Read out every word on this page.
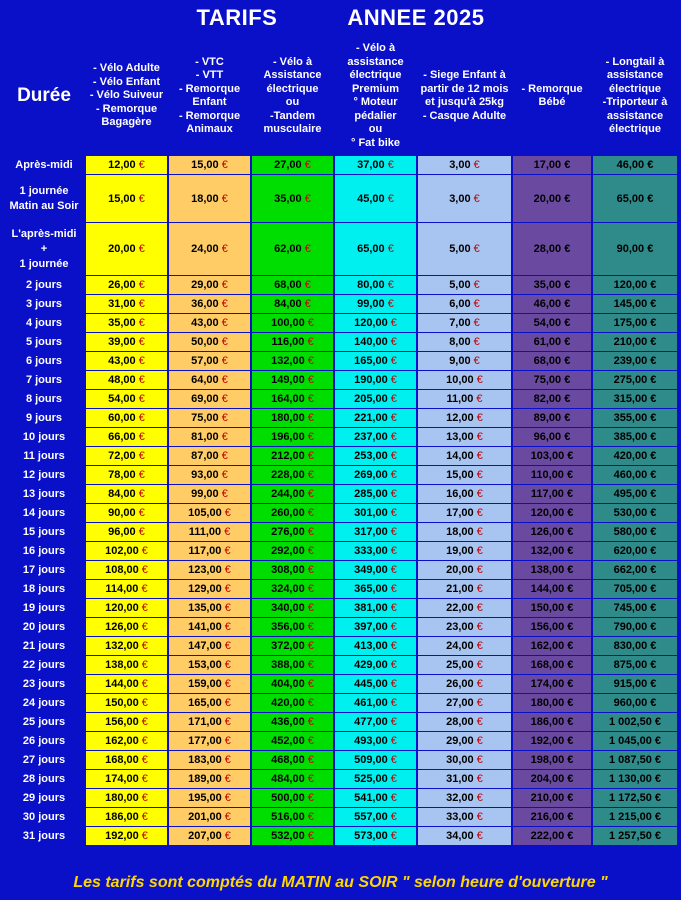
TARIFS	ANNEE 2025
Durée	- Vélo Adulte
- Vélo Enfant
- Vélo Suiveur
- Remorque Bagagère	- VTC
- VTT
- Remorque Enfant
- Remorque Animaux	- Vélo à Assistance électrique
ou
-Tandem musculaire	- Vélo à assistance électrique Premium
° Moteur pédalier
ou
° Fat bike	- Siege Enfant à partir de 12 mois et jusqu'à 25kg
- Casque Adulte	- Remorque Bébé	- Longtail à assistance électrique
-Triporteur à assistance électrique
Après-midi	12,00 €	15,00 €	27,00 €	37,00 €	3,00 €	17,00 €	46,00 €
1 journée
Matin au Soir	15,00 €	18,00 €	35,00 €	45,00 €	3,00 €	20,00 €	65,00 €
L'après-midi
+
1 journée	20,00 €	24,00 €	62,00 €	65,00 €	5,00 €	28,00 €	90,00 €
2 jours	26,00 €	29,00 €	68,00 €	80,00 €	5,00 €	35,00 €	120,00 €
3 jours	31,00 €	36,00 €	84,00 €	99,00 €	6,00 €	46,00 €	145,00 €
4 jours	35,00 €	43,00 €	100,00 €	120,00 €	7,00 €	54,00 €	175,00 €
5 jours	39,00 €	50,00 €	116,00 €	140,00 €	8,00 €	61,00 €	210,00 €
6 jours	43,00 €	57,00 €	132,00 €	165,00 €	9,00 €	68,00 €	239,00 €
7 jours	48,00 €	64,00 €	149,00 €	190,00 €	10,00 €	75,00 €	275,00 €
8 jours	54,00 €	69,00 €	164,00 €	205,00 €	11,00 €	82,00 €	315,00 €
9 jours	60,00 €	75,00 €	180,00 €	221,00 €	12,00 €	89,00 €	355,00 €
10 jours	66,00 €	81,00 €	196,00 €	237,00 €	13,00 €	96,00 €	385,00 €
11 jours	72,00 €	87,00 €	212,00 €	253,00 €	14,00 €	103,00 €	420,00 €
12 jours	78,00 €	93,00 €	228,00 €	269,00 €	15,00 €	110,00 €	460,00 €
13 jours	84,00 €	99,00 €	244,00 €	285,00 €	16,00 €	117,00 €	495,00 €
14 jours	90,00 €	105,00 €	260,00 €	301,00 €	17,00 €	120,00 €	530,00 €
15 jours	96,00 €	111,00 €	276,00 €	317,00 €	18,00 €	126,00 €	580,00 €
16 jours	102,00 €	117,00 €	292,00 €	333,00 €	19,00 €	132,00 €	620,00 €
17 jours	108,00 €	123,00 €	308,00 €	349,00 €	20,00 €	138,00 €	662,00 €
18 jours	114,00 €	129,00 €	324,00 €	365,00 €	21,00 €	144,00 €	705,00 €
19 jours	120,00 €	135,00 €	340,00 €	381,00 €	22,00 €	150,00 €	745,00 €
20 jours	126,00 €	141,00 €	356,00 €	397,00 €	23,00 €	156,00 €	790,00 €
21 jours	132,00 €	147,00 €	372,00 €	413,00 €	24,00 €	162,00 €	830,00 €
22 jours	138,00 €	153,00 €	388,00 €	429,00 €	25,00 €	168,00 €	875,00 €
23 jours	144,00 €	159,00 €	404,00 €	445,00 €	26,00 €	174,00 €	915,00 €
24 jours	150,00 €	165,00 €	420,00 €	461,00 €	27,00 €	180,00 €	960,00 €
25 jours	156,00 €	171,00 €	436,00 €	477,00 €	28,00 €	186,00 €	1 002,50 €
26 jours	162,00 €	177,00 €	452,00 €	493,00 €	29,00 €	192,00 €	1 045,00 €
27 jours	168,00 €	183,00 €	468,00 €	509,00 €	30,00 €	198,00 €	1 087,50 €
28 jours	174,00 €	189,00 €	484,00 €	525,00 €	31,00 €	204,00 €	1 130,00 €
29 jours	180,00 €	195,00 €	500,00 €	541,00 €	32,00 €	210,00 €	1 172,50 €
30 jours	186,00 €	201,00 €	516,00 €	557,00 €	33,00 €	216,00 €	1 215,00 €
31 jours	192,00 €	207,00 €	532,00 €	573,00 €	34,00 €	222,00 €	1 257,50 €

Les tarifs sont comptés du MATIN au SOIR " selon heure d'ouverture "
